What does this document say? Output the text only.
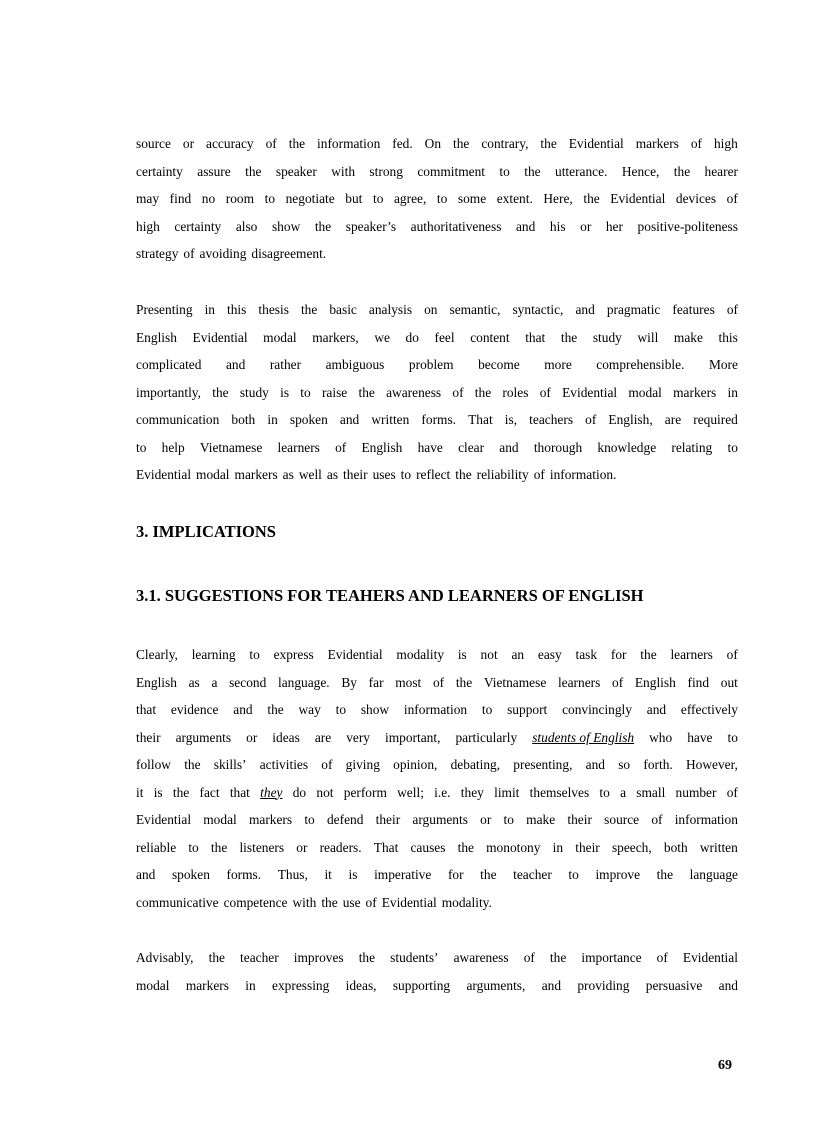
source or accuracy of the information fed. On the contrary, the Evidential markers of high
certainty assure the speaker with strong commitment to the utterance. Hence, the hearer
may find no room to negotiate but to agree, to some extent. Here, the Evidential devices of
high certainty also show the speaker’s authoritativeness and his or her positive-politeness
strategy of avoiding disagreement.
Presenting in this thesis the basic analysis on semantic, syntactic, and pragmatic features of
English Evidential modal markers, we do feel content that the study will make this
complicated and rather ambiguous problem become more comprehensible. More
importantly, the study is to raise the awareness of the roles of Evidential modal markers in
communication both in spoken and written forms. That is, teachers of English, are required
to help Vietnamese learners of English have clear and thorough knowledge relating to
Evidential modal markers as well as their uses to reflect the reliability of information.
3. IMPLICATIONS
3.1. SUGGESTIONS FOR TEAHERS AND LEARNERS OF ENGLISH
Clearly, learning to express Evidential modality is not an easy task for the learners of
English as a second language. By far most of the Vietnamese learners of English find out
that evidence and the way to show information to support convincingly and effectively
their arguments or ideas are very important, particularly students of English who have to
follow the skills’ activities of giving opinion, debating, presenting, and so forth. However,
it is the fact that they do not perform well; i.e. they limit themselves to a small number of
Evidential modal markers to defend their arguments or to make their source of information
reliable to the listeners or readers. That causes the monotony in their speech, both written
and spoken forms. Thus, it is imperative for the teacher to improve the language
communicative competence with the use of Evidential modality.
Advisably, the teacher improves the students’ awareness of the importance of Evidential
modal markers in expressing ideas, supporting arguments, and providing persuasive and
69
